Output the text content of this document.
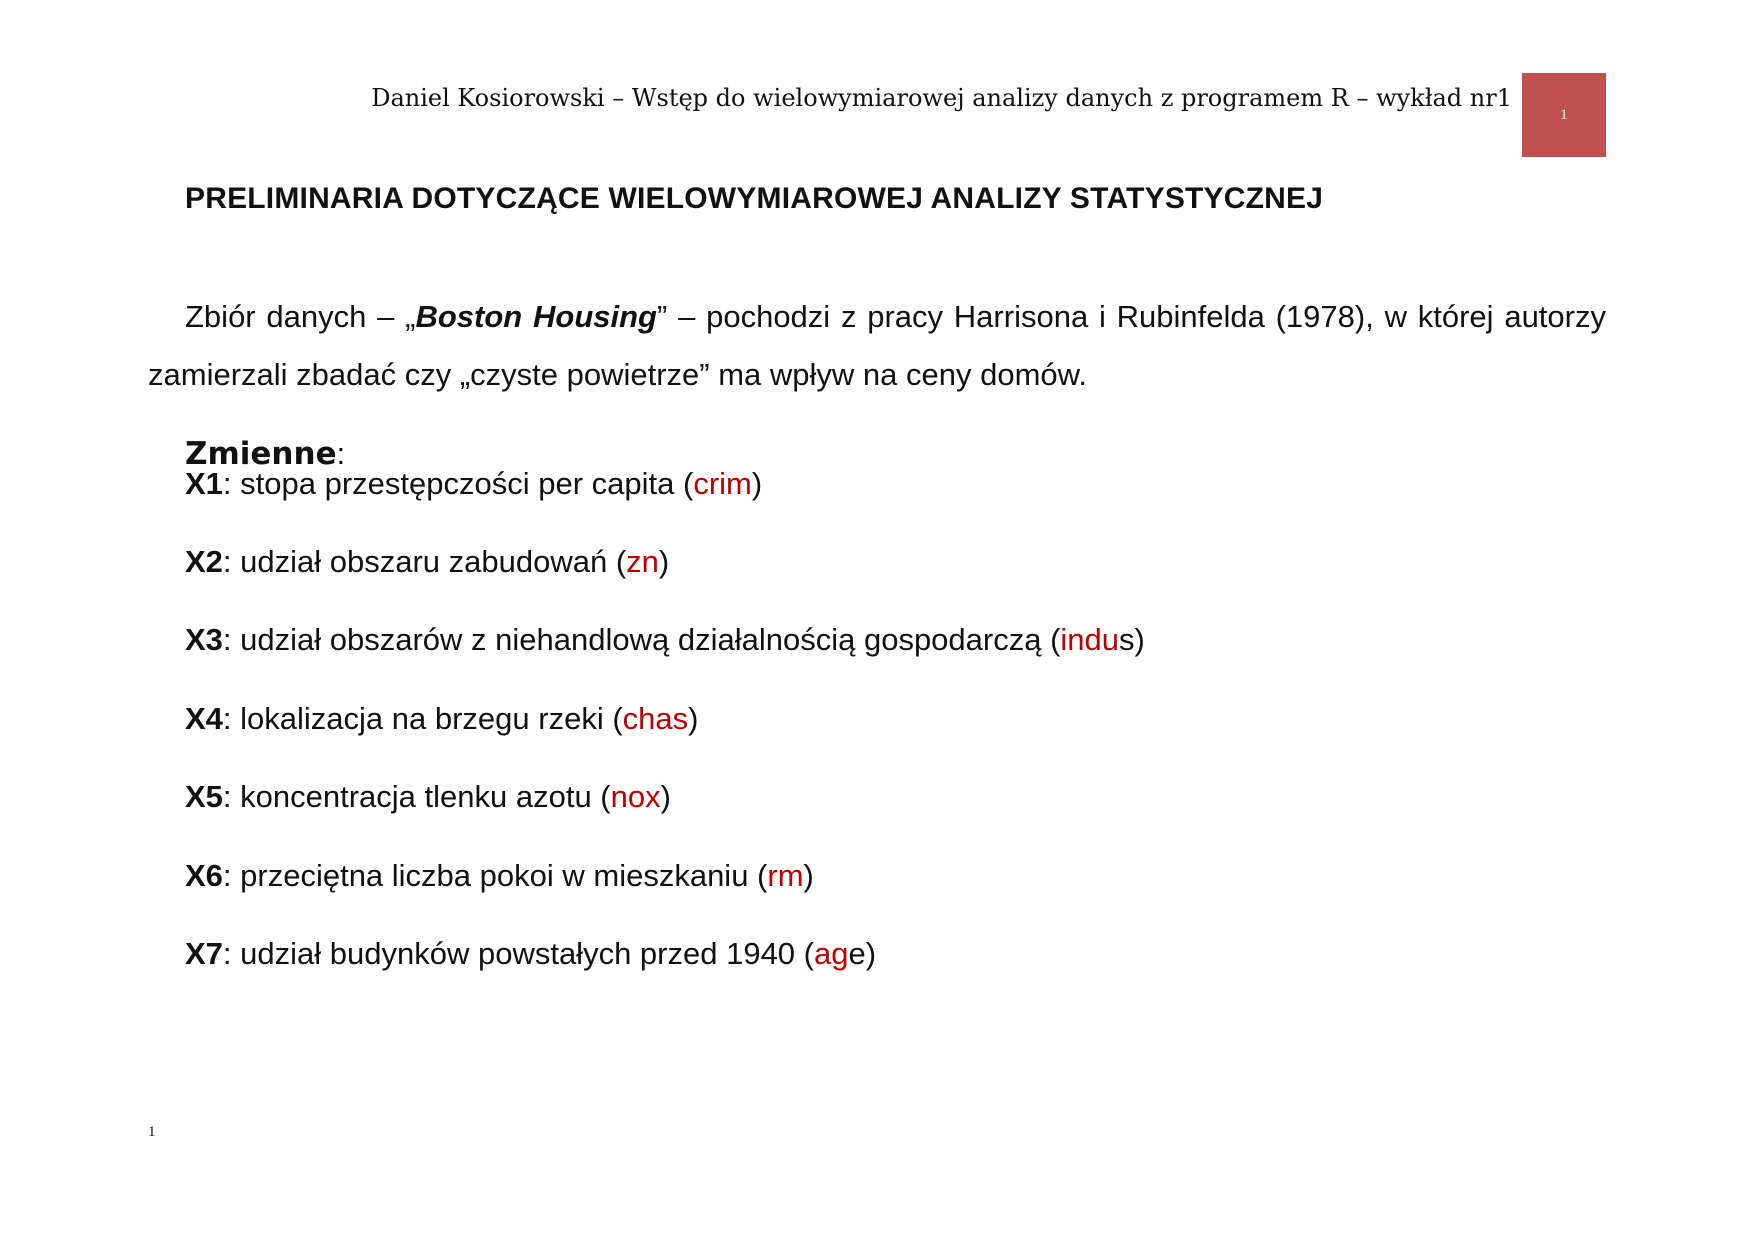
Daniel Kosiorowski – Wstęp do wielowymiarowej analizy danych z programem R – wykład nr1
1
PRELIMINARIA DOTYCZĄCE WIELOWYMIAROWEJ ANALIZY STATYSTYCZNEJ
Zbiór danych – „Boston Housing” – pochodzi z pracy Harrisona i Rubinfelda (1978), w której autorzy zamierzali zbadać czy „czyste powietrze” ma wpływ na ceny domów.
Zmienne:
X1: stopa przestępczości per capita (crim)
X2: udział obszaru zabudowań (zn)
X3: udział obszarów z niehandlową działalnością gospodarczą (indus)
X4: lokalizacja na brzegu rzeki (chas)
X5: koncentracja tlenku azotu (nox)
X6: przeciętna liczba pokoi w mieszkaniu (rm)
X7: udział budynków powstałych przed 1940 (age)
1
